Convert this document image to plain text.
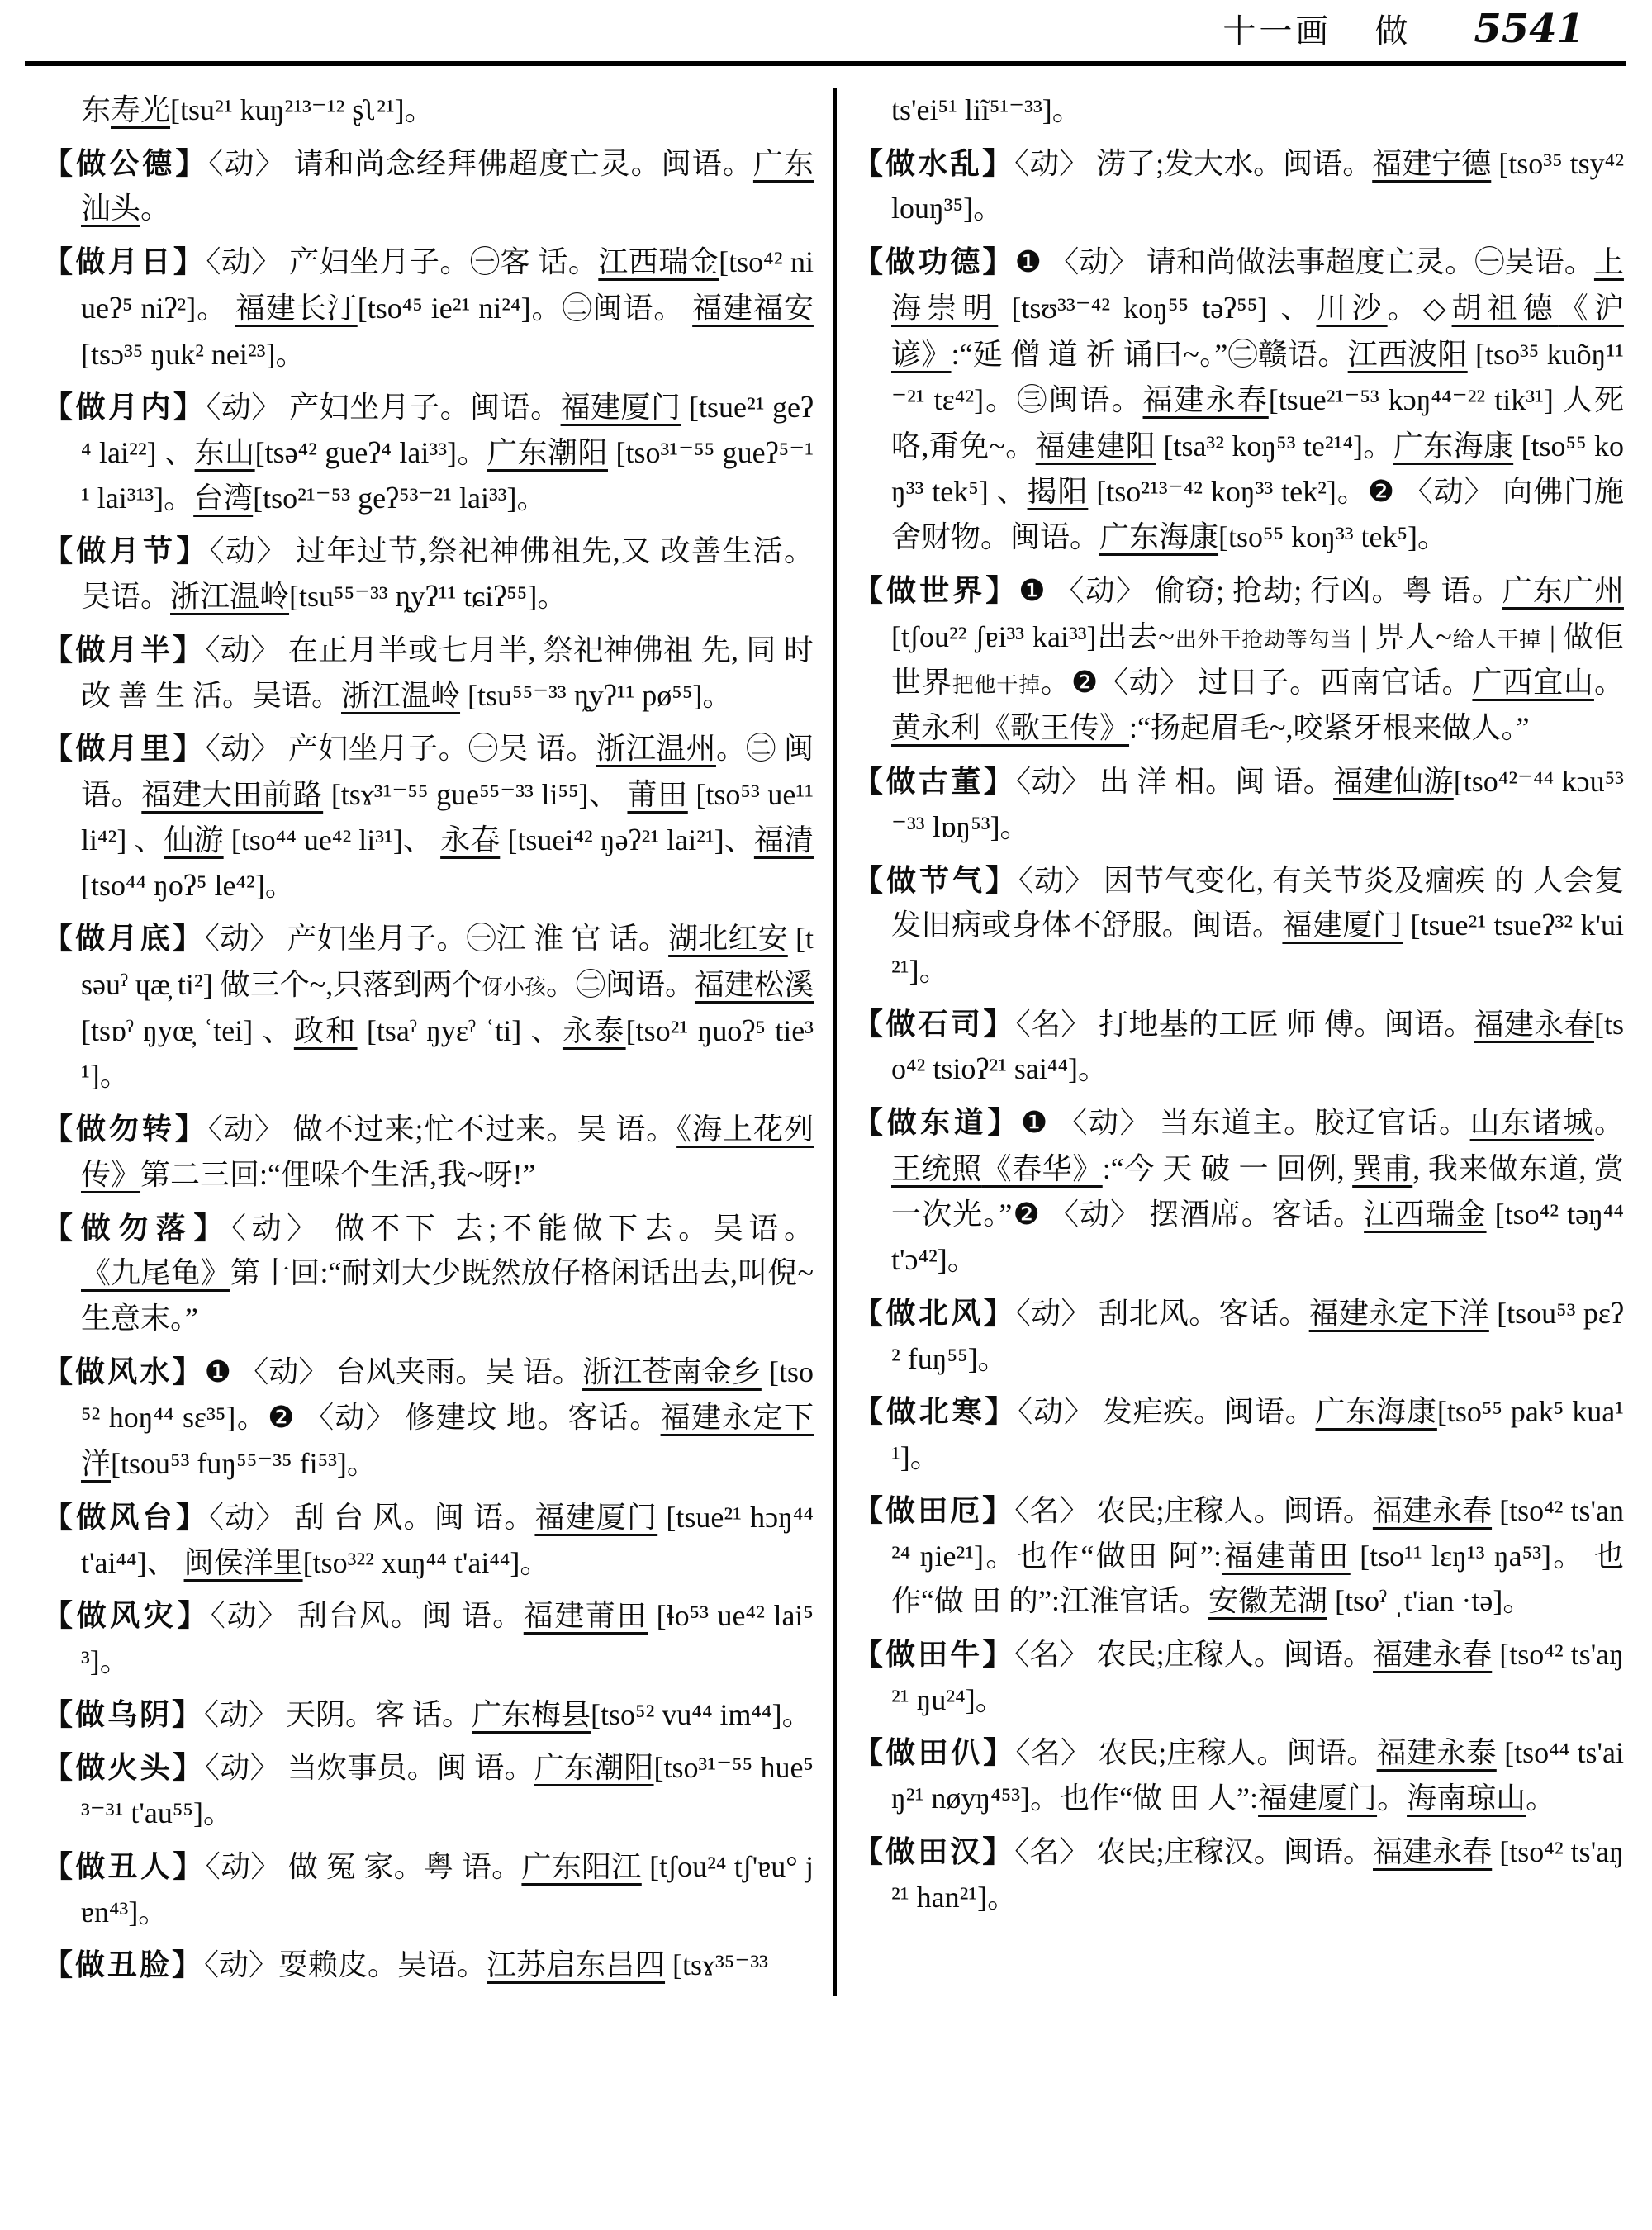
十一画 做 5541
东寿光[tsu²¹ kuŋ²¹³⁻¹² ʂʅ²¹]。
【做公德】〈动〉 请和尚念经拜佛超度亡灵。闽语。广东汕头。
【做月日】〈动〉 产妇坐月子。㊀客 话。江西瑞金[tso⁴² niueʔ⁵ niʔ²]。 福建长汀[tso⁴⁵ ie²¹ ni²⁴]。㊁闽语。 福建福安[tsɔ³⁵ ŋuk² nei²³]。
【做月内】〈动〉 产妇坐月子。闽语。福建厦门 [tsue²¹ geʔ⁴ lai²²] 、东山[tsə⁴² gueʔ⁴ lai³³]。广东潮阳 [tso³¹⁻⁵⁵ gueʔ⁵⁻¹¹ lai³¹³]。台湾[tso²¹⁻⁵³ geʔ⁵³⁻²¹ lai³³]。
【做月节】〈动〉 过年过节,祭祀神佛祖先,又 改善生活。吴语。浙江温岭[tsu⁵⁵⁻³³ ȵyʔ¹¹ tɕiʔ⁵⁵]。
【做月半】〈动〉 在正月半或七月半, 祭祀神佛祖 先, 同 时 改 善 生 活。吴语。浙江温岭 [tsu⁵⁵⁻³³ ȵyʔ¹¹ pø⁵⁵]。
【做月里】〈动〉 产妇坐月子。㊀吴 语。浙江温州。㊁ 闽语。福建大田前路 [tsɤ³¹⁻⁵⁵ gue⁵⁵⁻³³ li⁵⁵]、 莆田 [tso⁵³ ue¹¹ li⁴²] 、仙游 [tso⁴⁴ ue⁴² li³¹]、 永春 [tsuei⁴² ŋəʔ²¹ lai²¹]、福清[tso⁴⁴ ŋoʔ⁵ le⁴²]。
【做月底】〈动〉 产妇坐月子。㊀江 淮 官 话。湖北红安 [tsəuˀ ɥæ̦ ti²] 做三个~,只落到两个伢小孩。㊁闽语。福建松溪 [tsɒˀ ŋyœ̦ ʿtei] 、政和 [tsaˀ ŋyɛˀ ʿti] 、永泰[tso²¹ ŋuoʔ⁵ tie³¹]。
【做勿转】〈动〉 做不过来;忙不过来。吴 语。《海上花列传》第二三回:“俚哚个生活,我~呀!”
【做勿落】〈动〉 做不下 去;不能做下去。吴语。《九尾龟》第十回:“耐刘大少既然放仔格闲话出去,叫倪~生意末。”
【做风水】❶ 〈动〉 台风夹雨。吴 语。浙江苍南金乡 [tso⁵² hoŋ⁴⁴ sɛ³⁵]。❷ 〈动〉 修建坟 地。客话。福建永定下洋[tsou⁵³ fuŋ⁵⁵⁻³⁵ fi⁵³]。
【做风台】〈动〉 刮 台 风。闽 语。福建厦门 [tsue²¹ hɔŋ⁴⁴ t'ai⁴⁴]、 闽侯洋里[tso³²² xuŋ⁴⁴ t'ai⁴⁴]。
【做风灾】〈动〉 刮台风。闽 语。福建莆田 [ɬo⁵³ ue⁴² lai⁵³]。
【做乌阴】〈动〉 天阴。客 话。广东梅县[tso⁵² vu⁴⁴ im⁴⁴]。
【做火头】〈动〉 当炊事员。闽 语。广东潮阳[tso³¹⁻⁵⁵ hue⁵³⁻³¹ t'au⁵⁵]。
【做丑人】〈动〉 做 冤 家。粤 语。广东阳江 [tʃou²⁴ tʃ'ɐu° jɐn⁴³]。
【做丑脸】〈动〉耍赖皮。吴语。江苏启东吕四 [tsɤ³⁵⁻³³
ts'ei⁵¹ liĩ⁵¹⁻³³]。
【做水乱】〈动〉 涝了;发大水。闽语。福建宁德 [tso³⁵ tsy⁴² louŋ³⁵]。
【做功德】❶ 〈动〉 请和尚做法事超度亡灵。㊀吴语。上海崇明 [tsʊ³³⁻⁴² koŋ⁵⁵ təʔ⁵⁵] 、川沙。◇胡祖德《沪谚》:“延 僧 道 祈 诵曰~。”㊁赣语。江西波阳 [tso³⁵ kuõŋ¹¹⁻²¹ tɛ⁴²]。㊂闽语。福建永春[tsue²¹⁻⁵³ kɔŋ⁴⁴⁻²² tik³¹] 人死咯,甭免~。福建建阳 [tsa³² koŋ⁵³ te²¹⁴]。广东海康 [tso⁵⁵ koŋ³³ tek⁵] 、揭阳 [tso²¹³⁻⁴² koŋ³³ tek²]。❷ 〈动〉 向佛门施舍财物。闽语。广东海康[tso⁵⁵ koŋ³³ tek⁵]。
【做世界】❶ 〈动〉 偷窃; 抢劫; 行凶。粤 语。广东广州 [tʃou²² ʃɐi³³ kai³³]出去~出外干抢劫等勾当 | 畀人~给人干掉 | 做佢世界把他干掉。❷〈动〉 过日子。西南官话。广西宜山。黄永利《歌王传》:“扬起眉毛~,咬紧牙根来做人。”
【做古董】〈动〉 出 洋 相。闽 语。福建仙游[tso⁴²⁻⁴⁴ kɔu⁵³⁻³³ lɒŋ⁵³]。
【做节气】〈动〉 因节气变化, 有关节炎及痼疾 的 人会复发旧病或身体不舒服。闽语。福建厦门 [tsue²¹ tsueʔ³² k'ui²¹]。
【做石司】〈名〉 打地基的工匠 师 傅。闽语。福建永春[tso⁴² tsioʔ²¹ sai⁴⁴]。
【做东道】❶ 〈动〉 当东道主。胶辽官话。山东诸城。 王统照《春华》:“今 天 破 一 回例, 巽甫, 我来做东道, 赏一次光。”❷ 〈动〉 摆酒席。客话。江西瑞金 [tso⁴² təŋ⁴⁴ t'ɔ⁴²]。
【做北风】〈动〉 刮北风。客话。福建永定下洋 [tsou⁵³ pɛʔ² fuŋ⁵⁵]。
【做北寒】〈动〉 发疟疾。闽语。广东海康[tso⁵⁵ pak⁵ kua¹¹]。
【做田厄】〈名〉 农民;庄稼人。闽语。福建永春 [tso⁴² ts'an²⁴ ŋie²¹]。也作“做田 阿”:福建莆田 [tso¹¹ lɛŋ¹³ ŋa⁵³]。 也 作“做 田 的”:江淮官话。安徽芜湖 [tsoˀ ˌt'ian ·tə]。
【做田牛】〈名〉 农民;庄稼人。闽语。福建永春 [tso⁴² ts'aŋ²¹ ŋu²⁴]。
【做田仈】〈名〉 农民;庄稼人。闽语。福建永泰 [tso⁴⁴ ts'aiŋ²¹ nøyŋ⁴⁵³]。也作“做 田 人”:福建厦门。海南琼山。
【做田汉】〈名〉 农民;庄稼汉。闽语。福建永春 [tso⁴² ts'aŋ²¹ han²¹]。
